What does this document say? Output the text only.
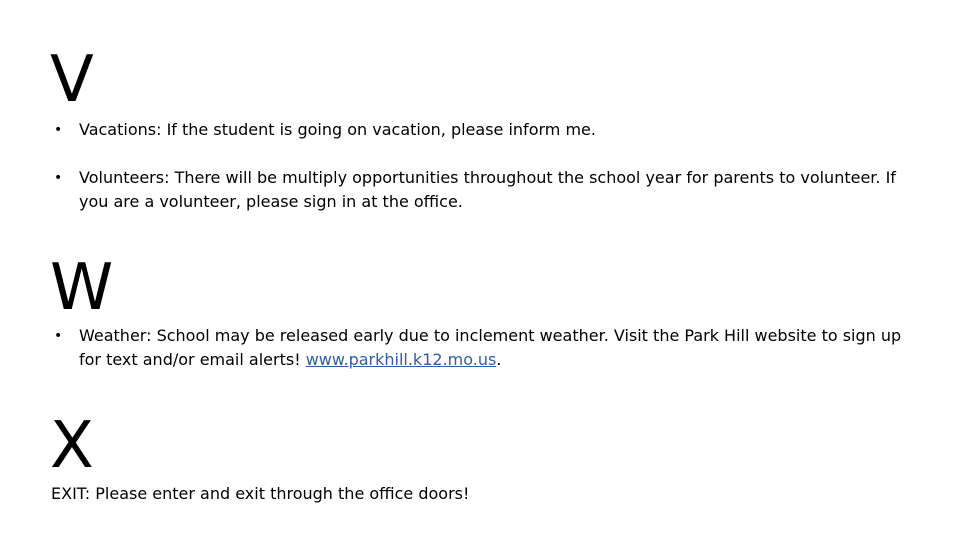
V
•	Vacations: If the student is going on vacation, please inform me.
•	Volunteers: There will be multiply opportunities throughout the school year for parents to volunteer. If you are a volunteer, please sign in at the office.
W
•	Weather: School may be released early due to inclement weather. Visit the Park Hill website to sign up for text and/or email alerts! www.parkhill.k12.mo.us.
X
EXIT: Please enter and exit through the office doors!
